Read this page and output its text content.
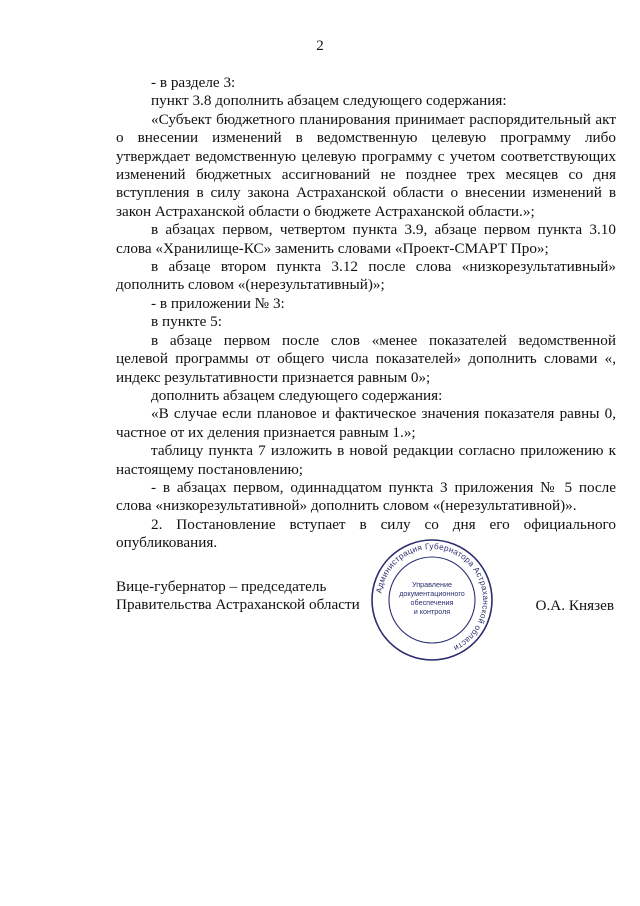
2

- в разделе 3:

пункт 3.8 дополнить абзацем следующего содержания:

«Субъект бюджетного планирования принимает распорядительный акт о внесении изменений в ведомственную целевую программу либо утверждает ведомственную целевую программу с учетом соответствующих изменений бюджетных ассигнований не позднее трех месяцев со дня вступления в силу закона Астраханской области о внесении изменений в закон Астраханской области о бюджете Астраханской области.»;

в абзацах первом, четвертом пункта 3.9, абзаце первом пункта 3.10 слова «Хранилище-КС» заменить словами «Проект-СМАРТ Про»;

в абзаце втором пункта 3.12 после слова «низкорезультативный» дополнить словом «(нерезультативный)»;

- в приложении № 3:

в пункте 5:

в абзаце первом после слов «менее показателей ведомственной целевой программы от общего числа показателей» дополнить словами «, индекс результативности признается равным 0»;

дополнить абзацем следующего содержания:

«В случае если плановое и фактическое значения показателя равны 0, частное от их деления признается равным 1.»;

таблицу пункта 7 изложить в новой редакции согласно приложению к настоящему постановлению;

- в абзацах первом, одиннадцатом пункта 3 приложения № 5 после слова «низкорезультативной» дополнить словом «(нерезультативной)».

2. Постановление вступает в силу со дня его официального опубликования.

Вице-губернатор – председатель
Правительства Астраханской области	О.А. Князев
Администрация Губернатора Астраханской области
Управление
документационного
обеспечения
и контроля
